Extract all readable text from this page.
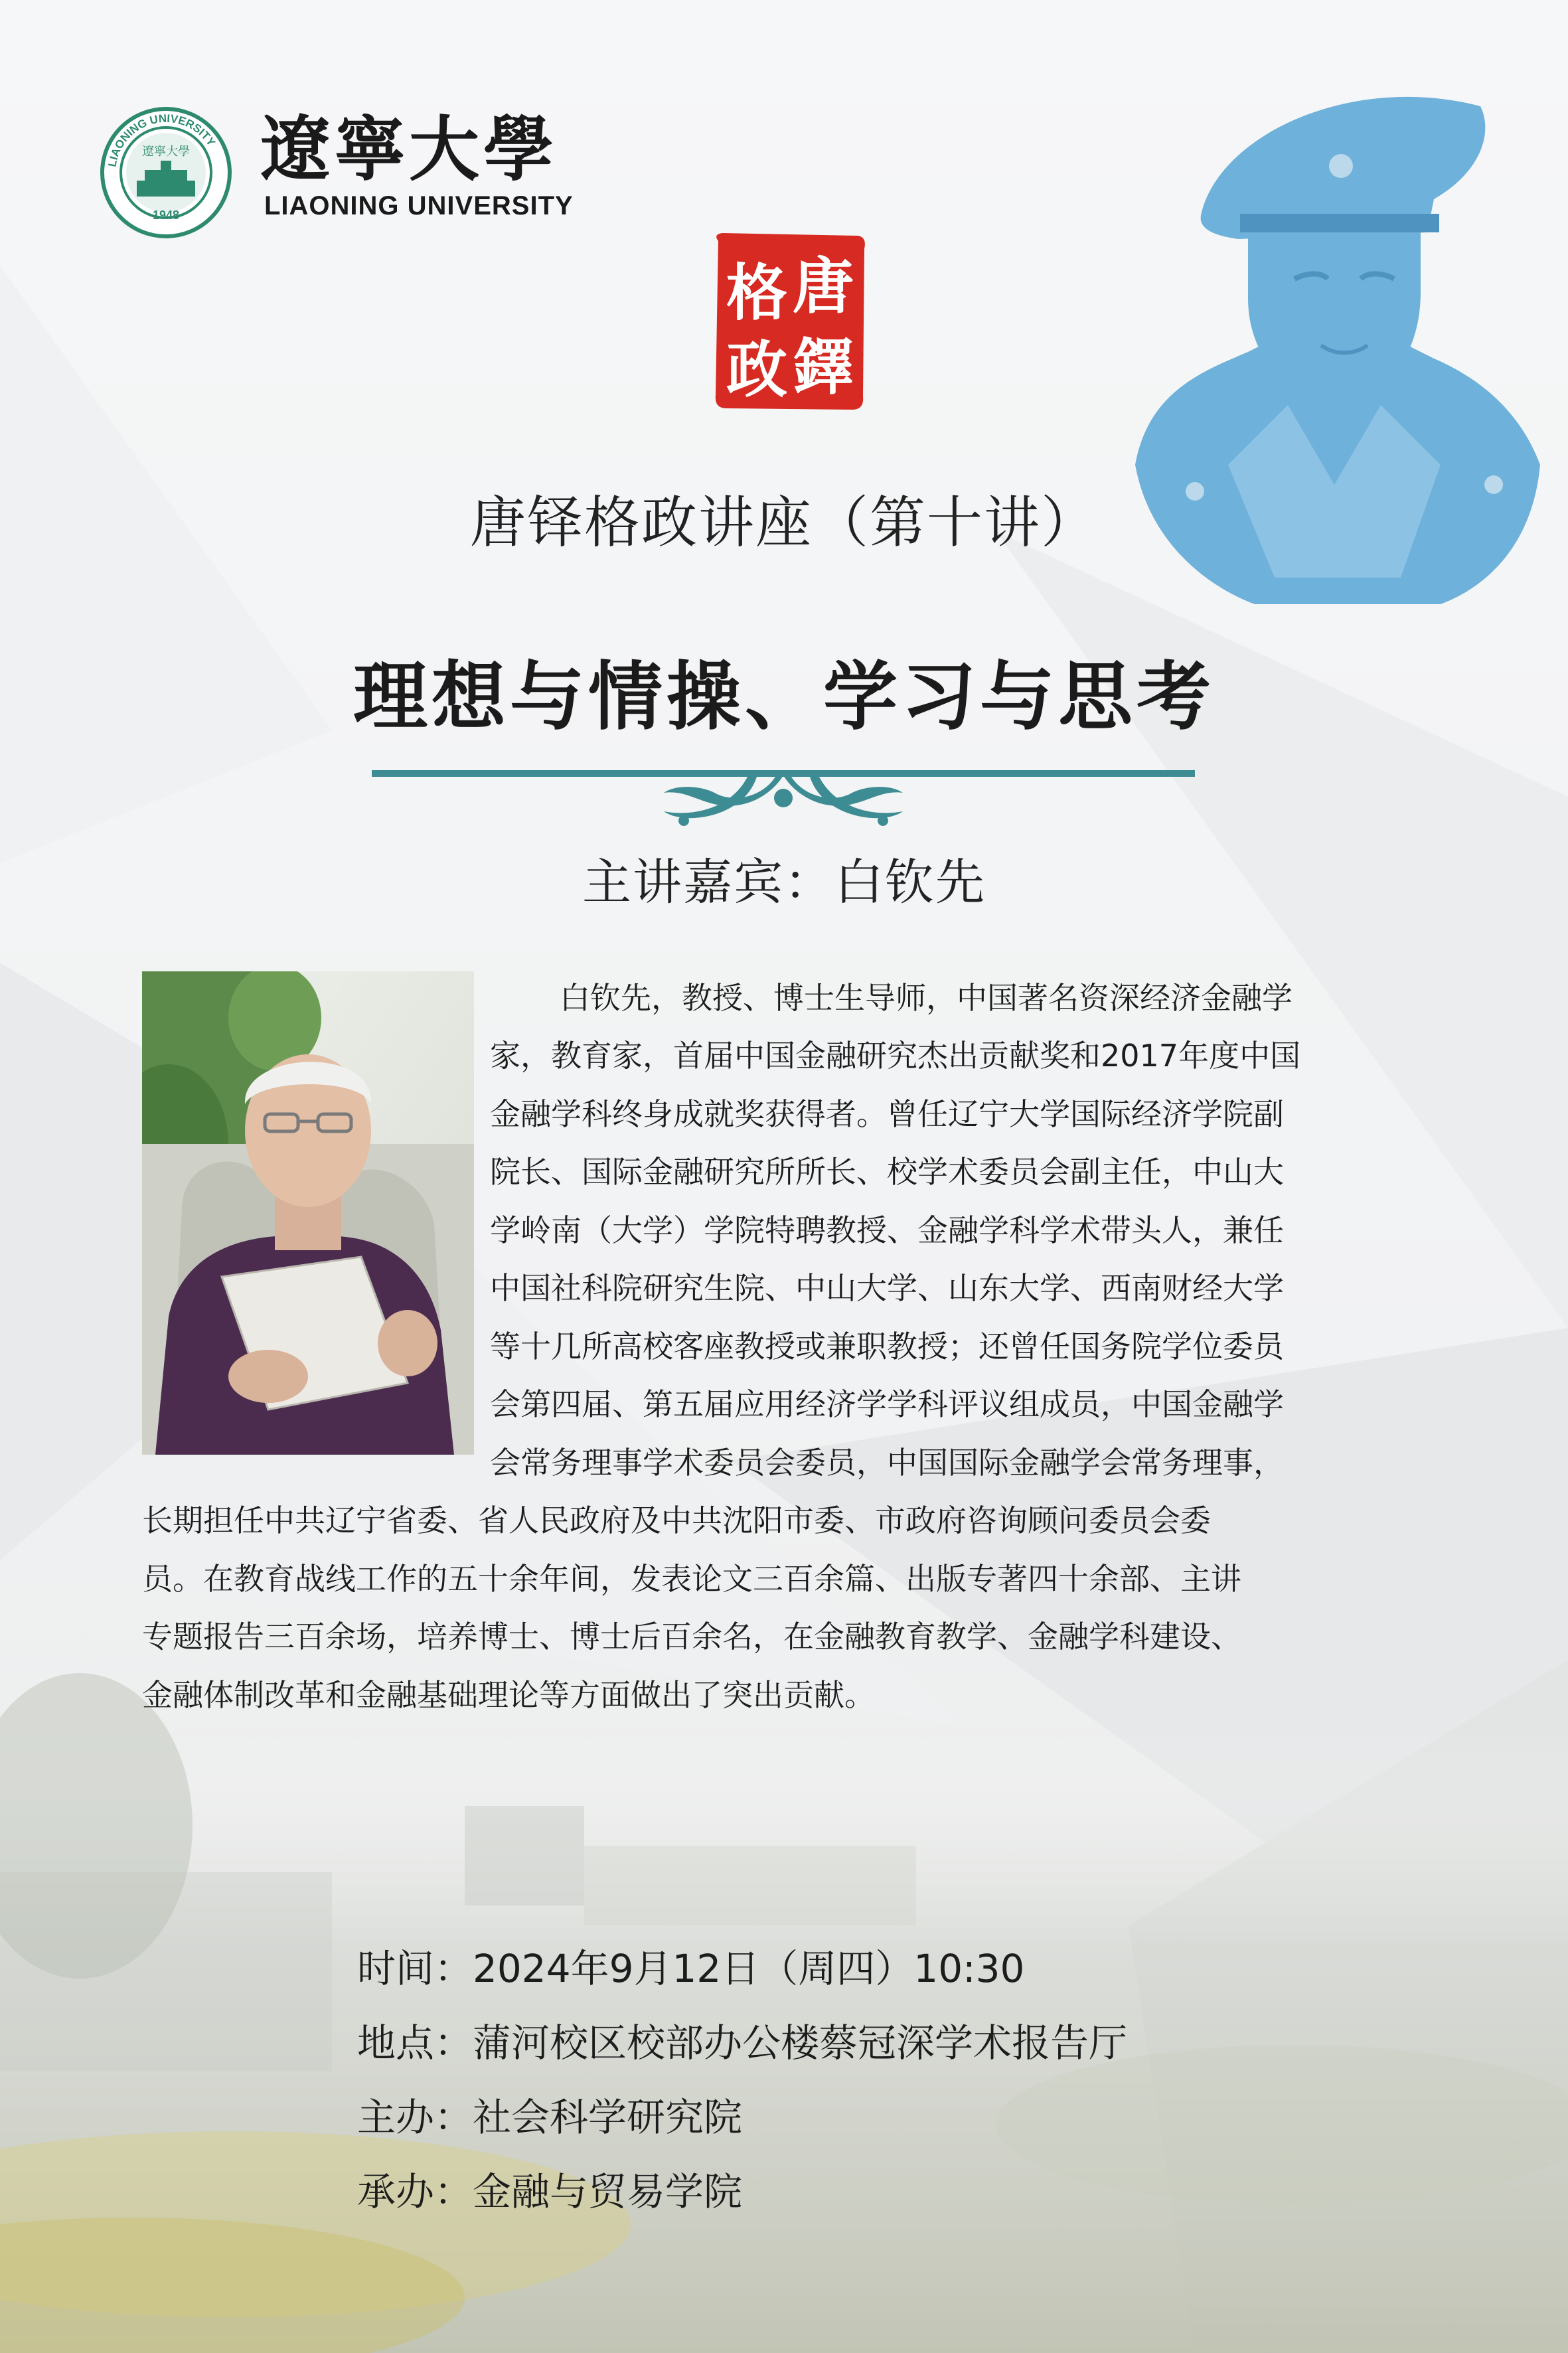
LIAONING UNIVERSITY
遼寧大學
1948
遼寧大學
LIAONING UNIVERSITY
唐
格
鐸
政
唐铎格政讲座（第十讲）
理想与情操、学习与思考
主讲嘉宾：白钦先
白钦先，教授、博士生导师，中国著名资深经济金融学
家，教育家，首届中国金融研究杰出贡献奖和2017年度中国
金融学科终身成就奖获得者。曾任辽宁大学国际经济学院副
院长、国际金融研究所所长、校学术委员会副主任，中山大
学岭南（大学）学院特聘教授、金融学科学术带头人，兼任
中国社科院研究生院、中山大学、山东大学、西南财经大学
等十几所高校客座教授或兼职教授；还曾任国务院学位委员
会第四届、第五届应用经济学学科评议组成员，中国金融学
会常务理事学术委员会委员，中国国际金融学会常务理事，
长期担任中共辽宁省委、省人民政府及中共沈阳市委、市政府咨询顾问委员会委
员。在教育战线工作的五十余年间，发表论文三百余篇、出版专著四十余部、主讲
专题报告三百余场，培养博士、博士后百余名，在金融教育教学、金融学科建设、
金融体制改革和金融基础理论等方面做出了突出贡献。
时间：2024年9月12日（周四）10:30
地点：蒲河校区校部办公楼蔡冠深学术报告厅
主办：社会科学研究院
承办：金融与贸易学院
